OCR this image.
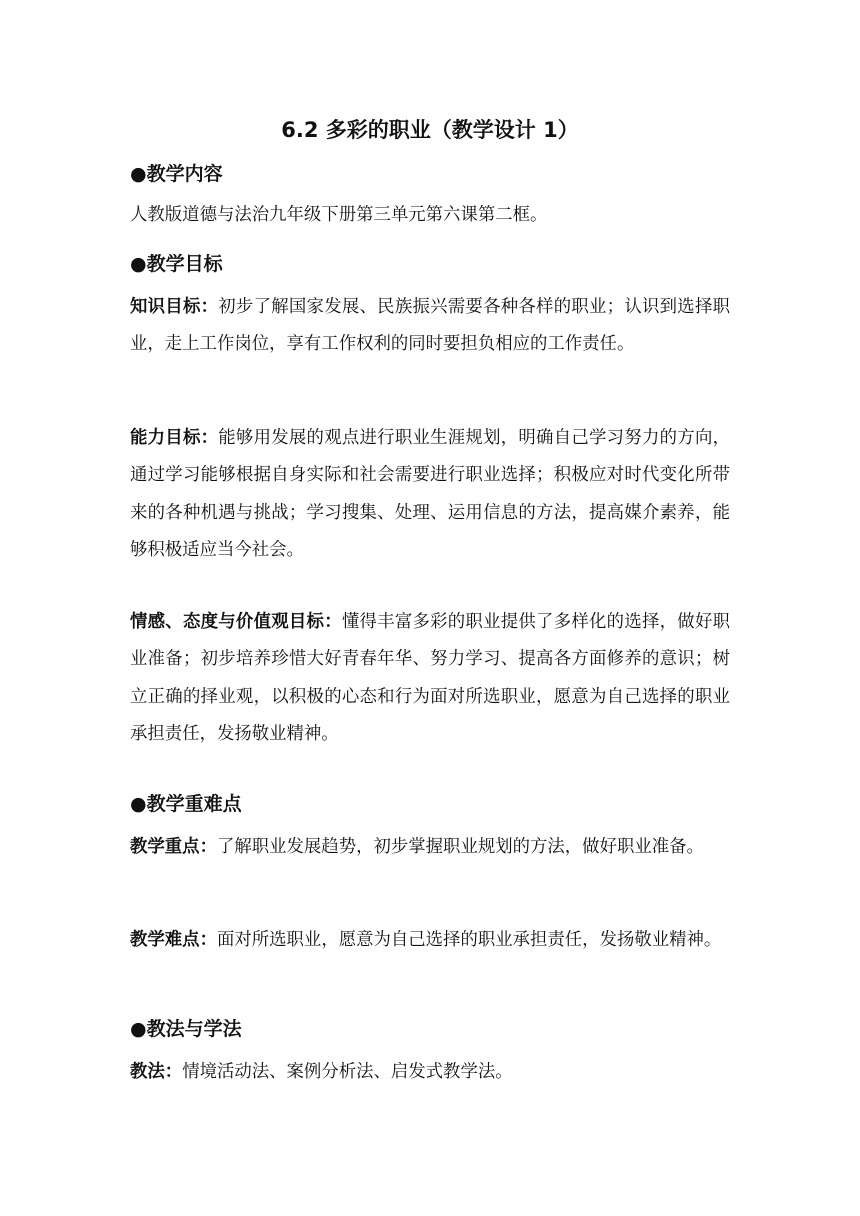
6.2 多彩的职业（教学设计 1）
●教学内容
人教版道德与法治九年级下册第三单元第六课第二框。
●教学目标
知识目标：初步了解国家发展、民族振兴需要各种各样的职业；认识到选择职业，走上工作岗位，享有工作权利的同时要担负相应的工作责任。
能力目标：能够用发展的观点进行职业生涯规划，明确自己学习努力的方向，通过学习能够根据自身实际和社会需要进行职业选择；积极应对时代变化所带来的各种机遇与挑战；学习搜集、处理、运用信息的方法，提高媒介素养，能够积极适应当今社会。
情感、态度与价值观目标：懂得丰富多彩的职业提供了多样化的选择，做好职业准备；初步培养珍惜大好青春年华、努力学习、提高各方面修养的意识；树立正确的择业观，以积极的心态和行为面对所选职业，愿意为自己选择的职业承担责任，发扬敬业精神。
●教学重难点
教学重点：了解职业发展趋势，初步掌握职业规划的方法，做好职业准备。
教学难点：面对所选职业，愿意为自己选择的职业承担责任，发扬敬业精神。
●教法与学法
教法：情境活动法、案例分析法、启发式教学法。
